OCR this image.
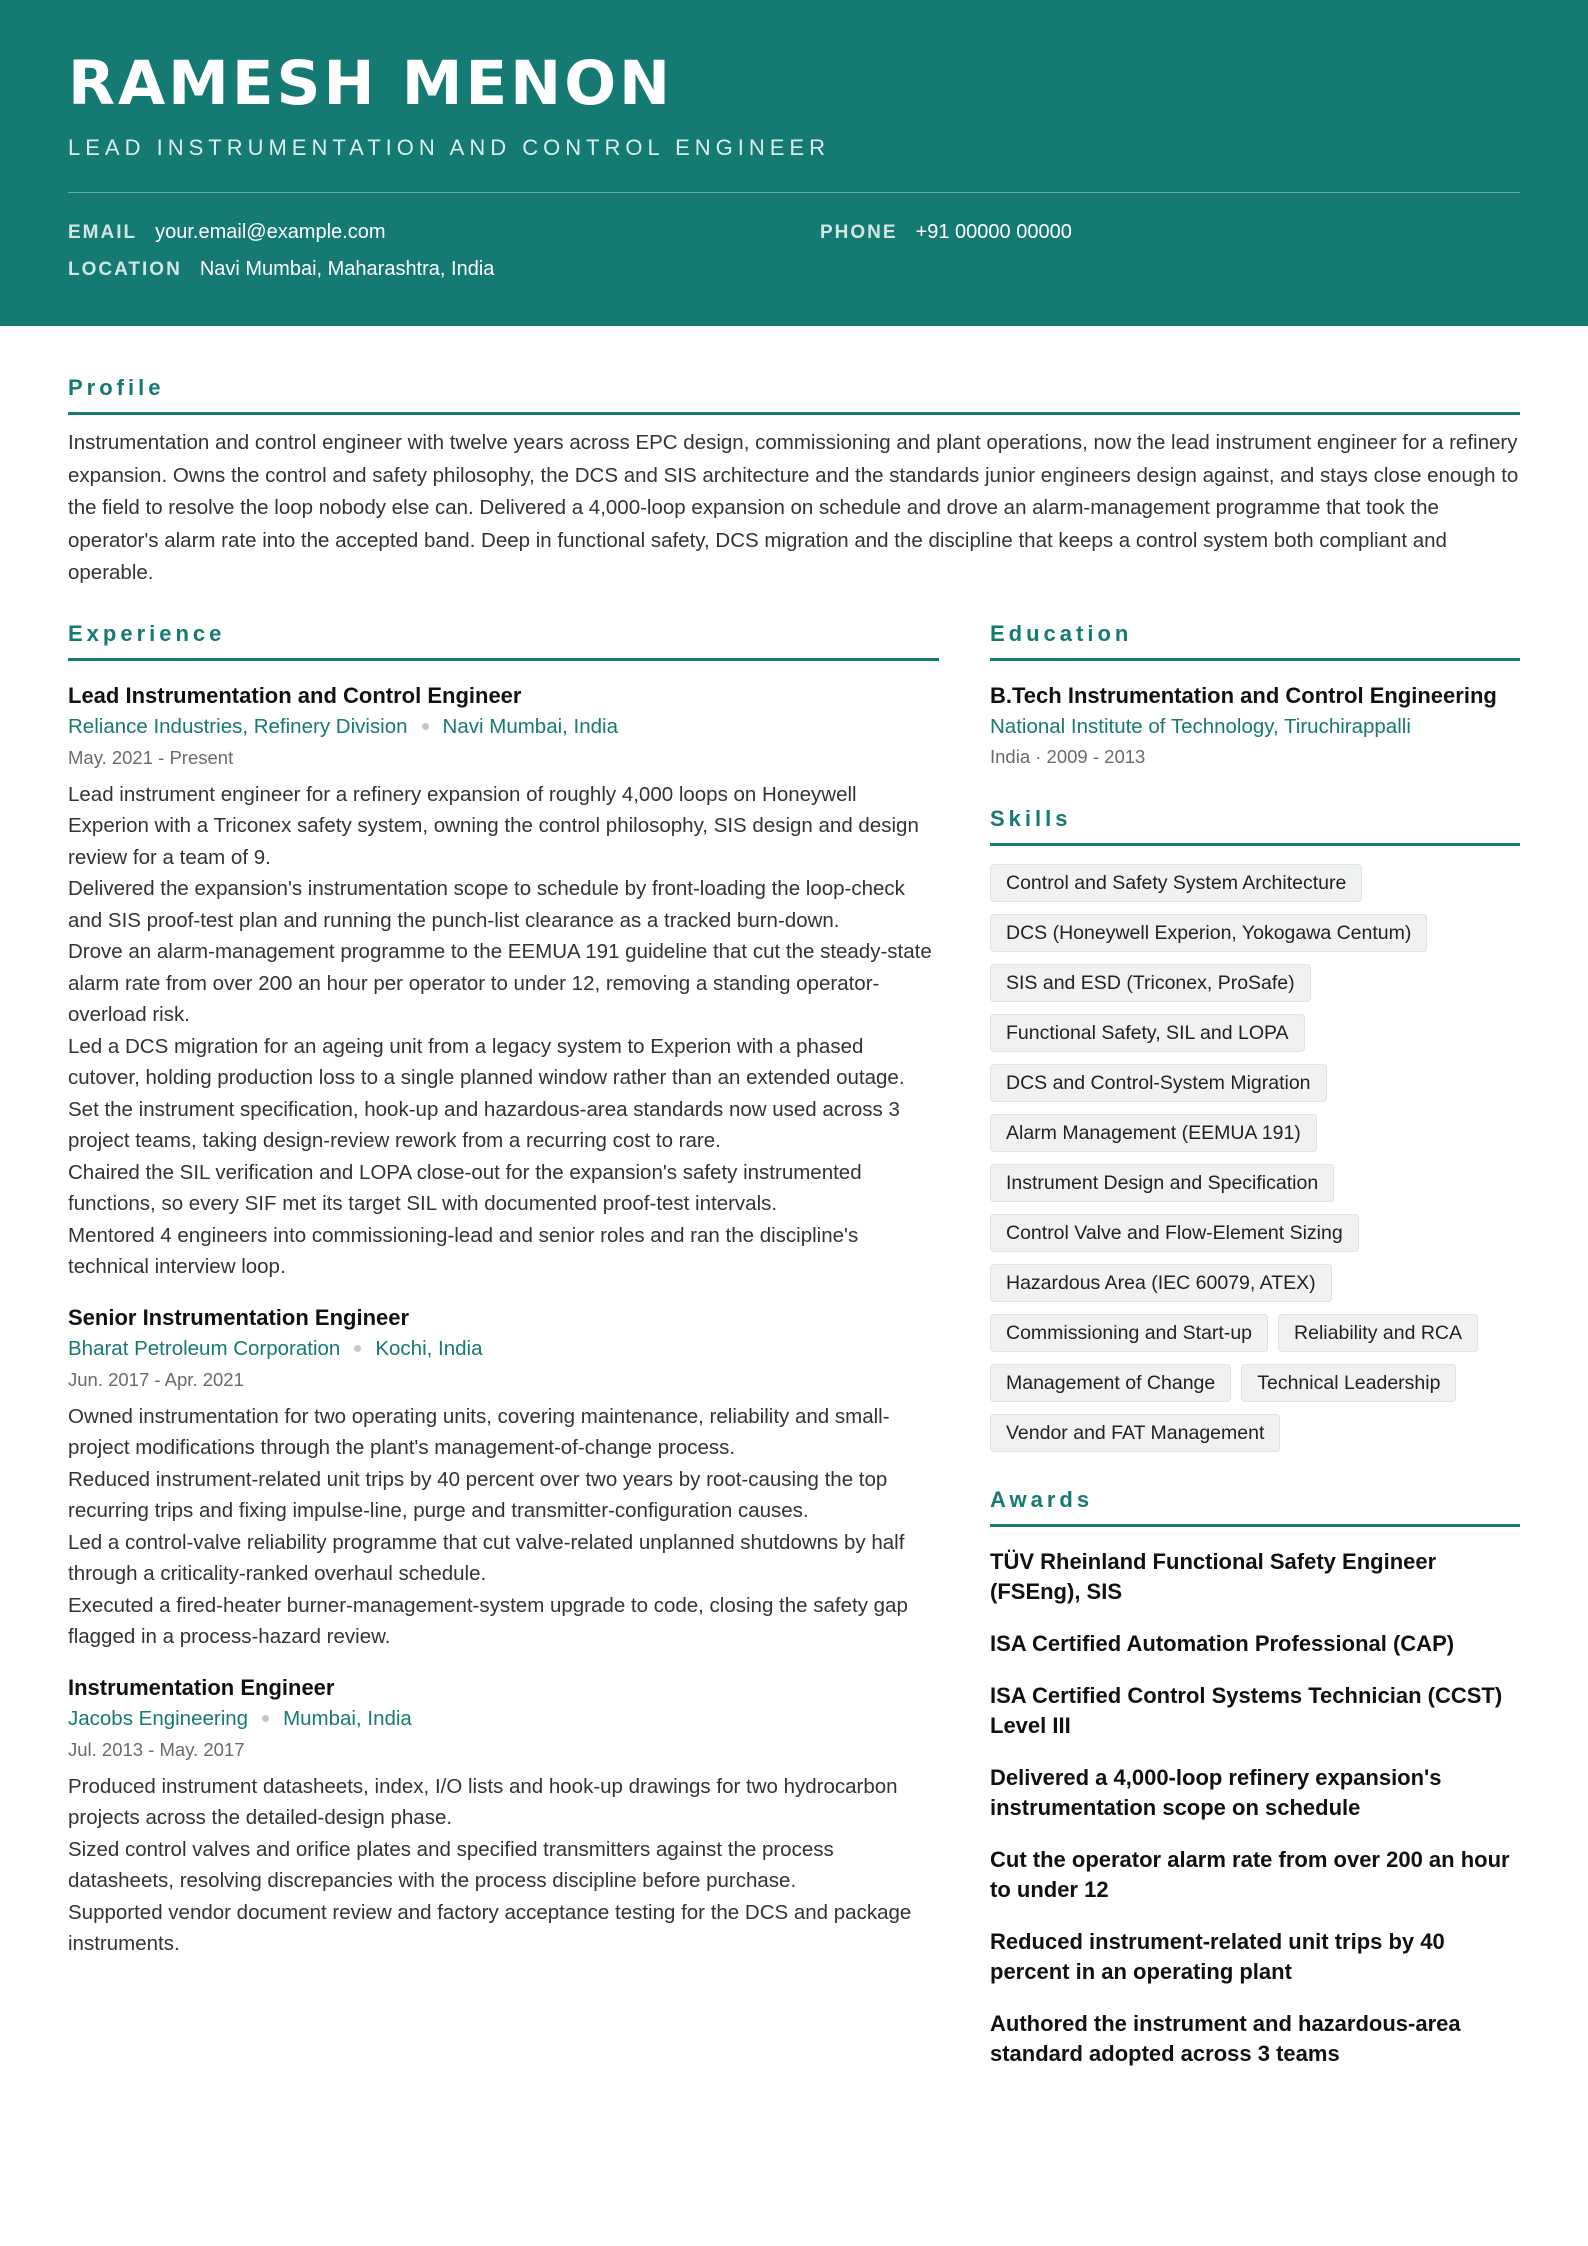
RAMESH MENON
LEAD INSTRUMENTATION AND CONTROL ENGINEER
EMAIL your.email@example.com	PHONE +91 00000 00000
LOCATION Navi Mumbai, Maharashtra, India
Profile

Instrumentation and control engineer with twelve years across EPC design, commissioning and plant operations, now the lead instrument engineer for a refinery expansion. Owns the control and safety philosophy, the DCS and SIS architecture and the standards junior engineers design against, and stays close enough to the field to resolve the loop nobody else can. Delivered a 4,000-loop expansion on schedule and drove an alarm-management programme that took the operator's alarm rate into the accepted band. Deep in functional safety, DCS migration and the discipline that keeps a control system both compliant and operable.

Experience
Lead Instrumentation and Control Engineer
Reliance Industries, Refinery Division Navi Mumbai, India
May. 2021 - Present

Lead instrument engineer for a refinery expansion of roughly 4,000 loops on Honeywell Experion with a Triconex safety system, owning the control philosophy, SIS design and design review for a team of 9.

Delivered the expansion's instrumentation scope to schedule by front-loading the loop-check and SIS proof-test plan and running the punch-list clearance as a tracked burn-down.

Drove an alarm-management programme to the EEMUA 191 guideline that cut the steady-state alarm rate from over 200 an hour per operator to under 12, removing a standing operator-overload risk.

Led a DCS migration for an ageing unit from a legacy system to Experion with a phased cutover, holding production loss to a single planned window rather than an extended outage.

Set the instrument specification, hook-up and hazardous-area standards now used across 3 project teams, taking design-review rework from a recurring cost to rare.

Chaired the SIL verification and LOPA close-out for the expansion's safety instrumented functions, so every SIF met its target SIL with documented proof-test intervals.

Mentored 4 engineers into commissioning-lead and senior roles and ran the discipline's technical interview loop.

Senior Instrumentation Engineer
Bharat Petroleum Corporation Kochi, India
Jun. 2017 - Apr. 2021

Owned instrumentation for two operating units, covering maintenance, reliability and small-project modifications through the plant's management-of-change process.

Reduced instrument-related unit trips by 40 percent over two years by root-causing the top recurring trips and fixing impulse-line, purge and transmitter-configuration causes.

Led a control-valve reliability programme that cut valve-related unplanned shutdowns by half through a criticality-ranked overhaul schedule.

Executed a fired-heater burner-management-system upgrade to code, closing the safety gap flagged in a process-hazard review.

Instrumentation Engineer
Jacobs Engineering Mumbai, India
Jul. 2013 - May. 2017

Produced instrument datasheets, index, I/O lists and hook-up drawings for two hydrocarbon projects across the detailed-design phase.

Sized control valves and orifice plates and specified transmitters against the process datasheets, resolving discrepancies with the process discipline before purchase.

Supported vendor document review and factory acceptance testing for the DCS and package instruments.

Education
B.Tech Instrumentation and Control Engineering
National Institute of Technology, Tiruchirappalli
India · 2009 - 2013
Skills
Control and Safety System Architecture
DCS (Honeywell Experion, Yokogawa Centum)
SIS and ESD (Triconex, ProSafe)
Functional Safety, SIL and LOPA
DCS and Control-System Migration
Alarm Management (EEMUA 191)
Instrument Design and Specification
Control Valve and Flow-Element Sizing
Hazardous Area (IEC 60079, ATEX)
Commissioning and Start-up	Reliability and RCA
Management of Change	Technical Leadership
Vendor and FAT Management
Awards
TÜV Rheinland Functional Safety Engineer (FSEng), SIS
ISA Certified Automation Professional (CAP)
ISA Certified Control Systems Technician (CCST) Level III
Delivered a 4,000-loop refinery expansion's instrumentation scope on schedule
Cut the operator alarm rate from over 200 an hour to under 12
Reduced instrument-related unit trips by 40 percent in an operating plant
Authored the instrument and hazardous-area standard adopted across 3 teams
